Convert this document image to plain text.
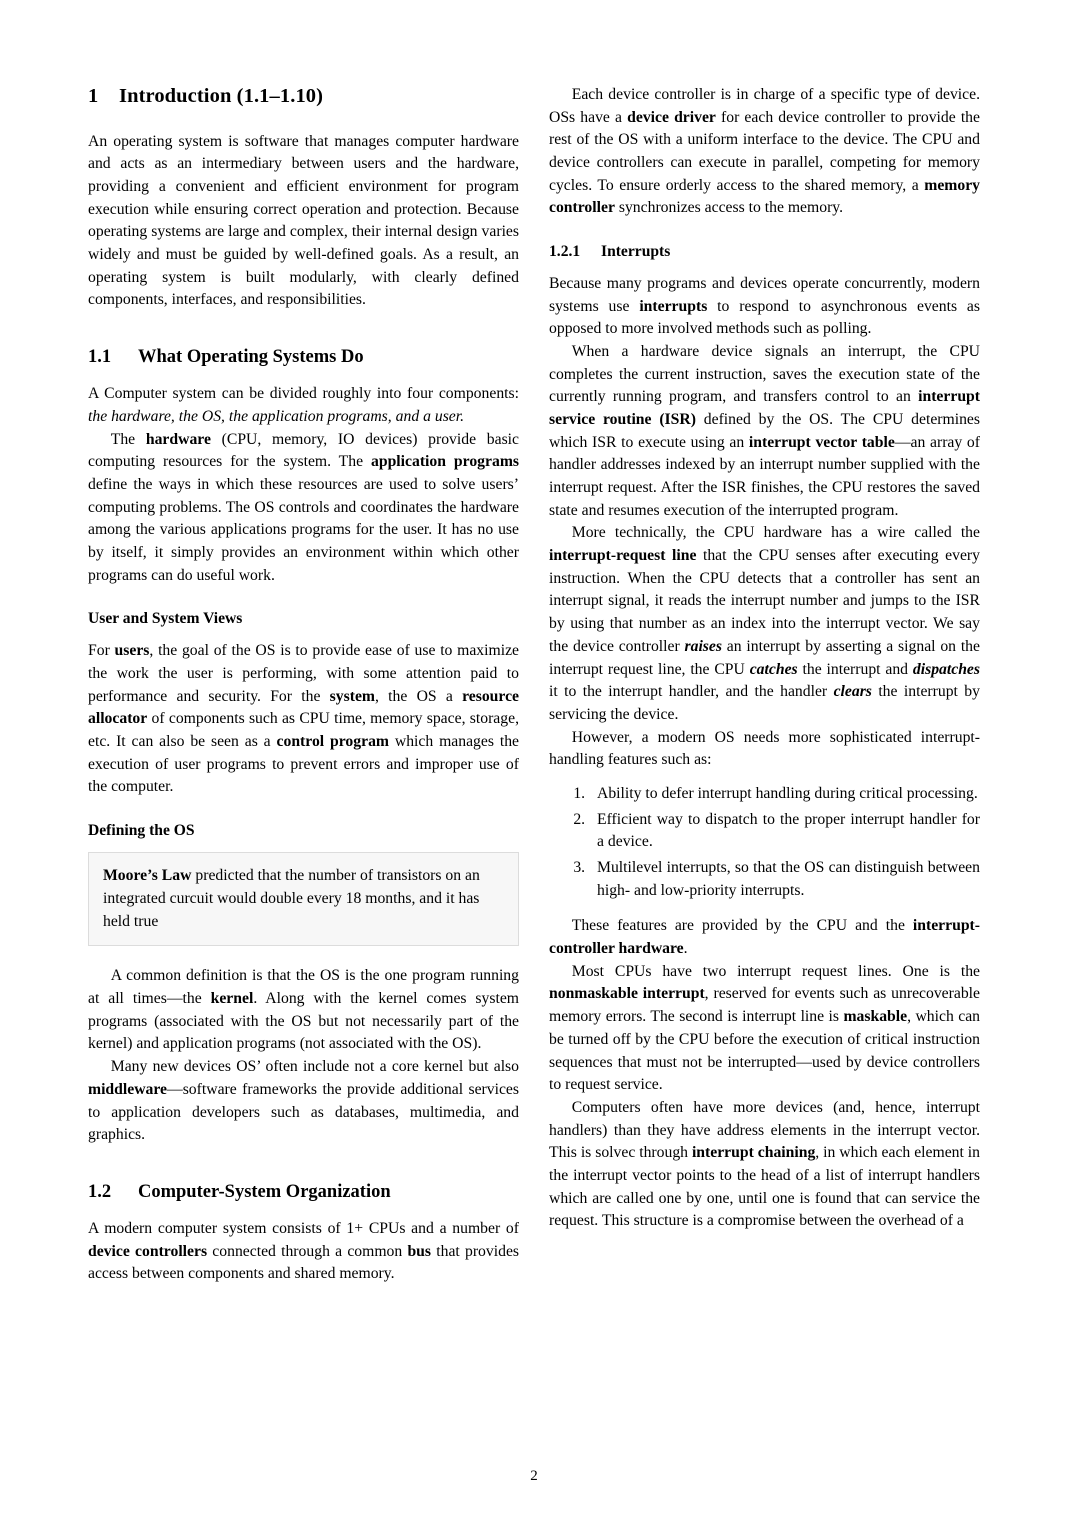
1 Introduction (1.1–1.10)

An operating system is software that manages computer hardware and acts as an intermediary between users and the hardware, providing a convenient and efficient environment for program execution while ensuring correct operation and protection. Because operating systems are large and complex, their internal design varies widely and must be guided by well-defined goals. As a result, an operating system is built modularly, with clearly defined components, interfaces, and responsibilities.

1.1 What Operating Systems Do

A Computer system can be divided roughly into four components: the hardware, the OS, the application programs, and a user.

The hardware (CPU, memory, IO devices) provide basic computing resources for the system. The application programs define the ways in which these resources are used to solve users’ computing problems. The OS controls and coordinates the hardware among the various applications programs for the user. It has no use by itself, it simply provides an environment within which other programs can do useful work.

User and System Views

For users, the goal of the OS is to provide ease of use to maximize the work the user is performing, with some attention paid to performance and security. For the system, the OS a resource allocator of components such as CPU time, memory space, storage, etc. It can also be seen as a control program which manages the execution of user programs to prevent errors and improper use of the computer.

Defining the OS

Moore’s Law predicted that the number of transistors on an integrated curcuit would double every 18 months, and it has held true

A common definition is that the OS is the one program running at all times—the kernel. Along with the kernel comes system programs (associated with the OS but not necessarily part of the kernel) and application programs (not associated with the OS).

Many new devices OS’ often include not a core kernel but also middleware—software frameworks the provide additional services to application developers such as databases, multimedia, and graphics.

1.2 Computer-System Organization

A modern computer system consists of 1+ CPUs and a number of device controllers connected through a common bus that provides access between components and shared memory.

Each device controller is in charge of a specific type of device. OSs have a device driver for each device controller to provide the rest of the OS with a uniform interface to the device. The CPU and device controllers can execute in parallel, competing for memory cycles. To ensure orderly access to the shared memory, a memory controller synchronizes access to the memory.

1.2.1 Interrupts

Because many programs and devices operate concurrently, modern systems use interrupts to respond to asynchronous events as opposed to more involved methods such as polling.

When a hardware device signals an interrupt, the CPU completes the current instruction, saves the execution state of the currently running program, and transfers control to an interrupt service routine (ISR) defined by the OS. The CPU determines which ISR to execute using an interrupt vector table—an array of handler addresses indexed by an interrupt number supplied with the interrupt request. After the ISR finishes, the CPU restores the saved state and resumes execution of the interrupted program.

More technically, the CPU hardware has a wire called the interrupt-request line that the CPU senses after executing every instruction. When the CPU detects that a controller has sent an interrupt signal, it reads the interrupt number and jumps to the ISR by using that number as an index into the interrupt vector. We say the device controller raises an interrupt by asserting a signal on the interrupt request line, the CPU catches the interrupt and dispatches it to the interrupt handler, and the handler clears the interrupt by servicing the device.

However, a modern OS needs more sophisticated interrupt-handling features such as:

1. Ability to defer interrupt handling during critical processing.
2. Efficient way to dispatch to the proper interrupt handler for a device.
3. Multilevel interrupts, so that the OS can distinguish between high- and low-priority interrupts.

These features are provided by the CPU and the interrupt-controller hardware.

Most CPUs have two interrupt request lines. One is the nonmaskable interrupt, reserved for events such as unrecoverable memory errors. The second is interrupt line is maskable, which can be turned off by the CPU before the execution of critical instruction sequences that must not be interrupted—used by device controllers to request service.

Computers often have more devices (and, hence, interrupt handlers) than they have address elements in the interrupt vector. This is solvec through interrupt chaining, in which each element in the interrupt vector points to the head of a list of interrupt handlers which are called one by one, until one is found that can service the request. This structure is a compromise between the overhead of a

2
